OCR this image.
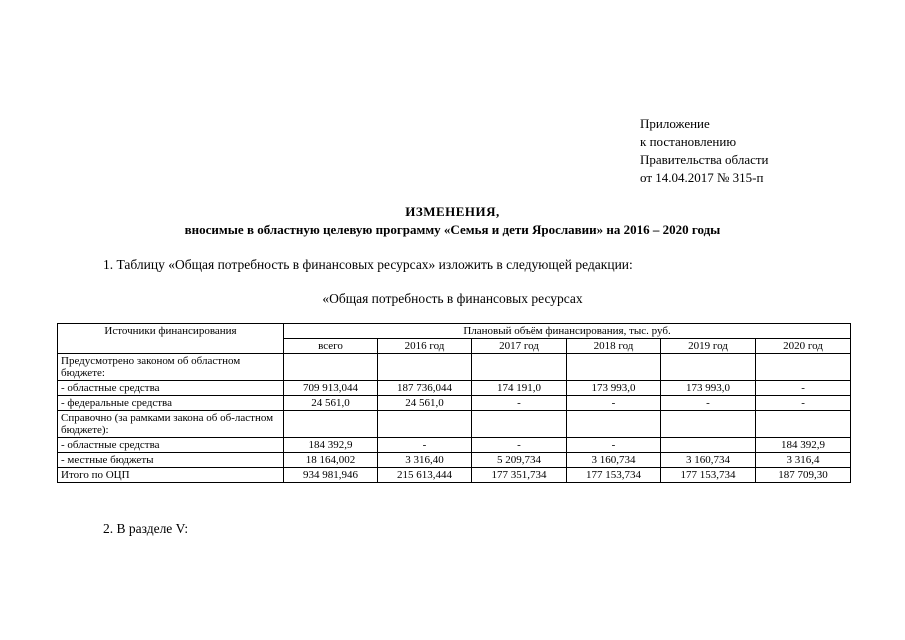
Приложение
к постановлению
Правительства области
от 14.04.2017 № 315-п
ИЗМЕНЕНИЯ,
вносимые в областную целевую программу «Семья и дети Ярославии» на 2016 – 2020 годы
1. Таблицу «Общая потребность в финансовых ресурсах» изложить в следующей редакции:
«Общая потребность в финансовых ресурсах
Источники финансирования	Плановый объём финансирования, тыс. руб.					
	всего	2016 год	2017 год	2018 год	2019 год	2020 год
Предусмотрено законом об областном бюджете:						
- областные средства	709 913,044	187 736,044	174 191,0	173 993,0	173 993,0	-
- федеральные средства	24 561,0	24 561,0	-	-	-	-
Справочно (за рамками закона об об-ластном бюджете):						
- областные средства	184 392,9	-	-	-		184 392,9
- местные бюджеты	18 164,002	3 316,40	5 209,734	3 160,734	3 160,734	3 316,4
Итого по ОЦП	934 981,946	215 613,444	177 351,734	177 153,734	177 153,734	187 709,30
2. В разделе V:
